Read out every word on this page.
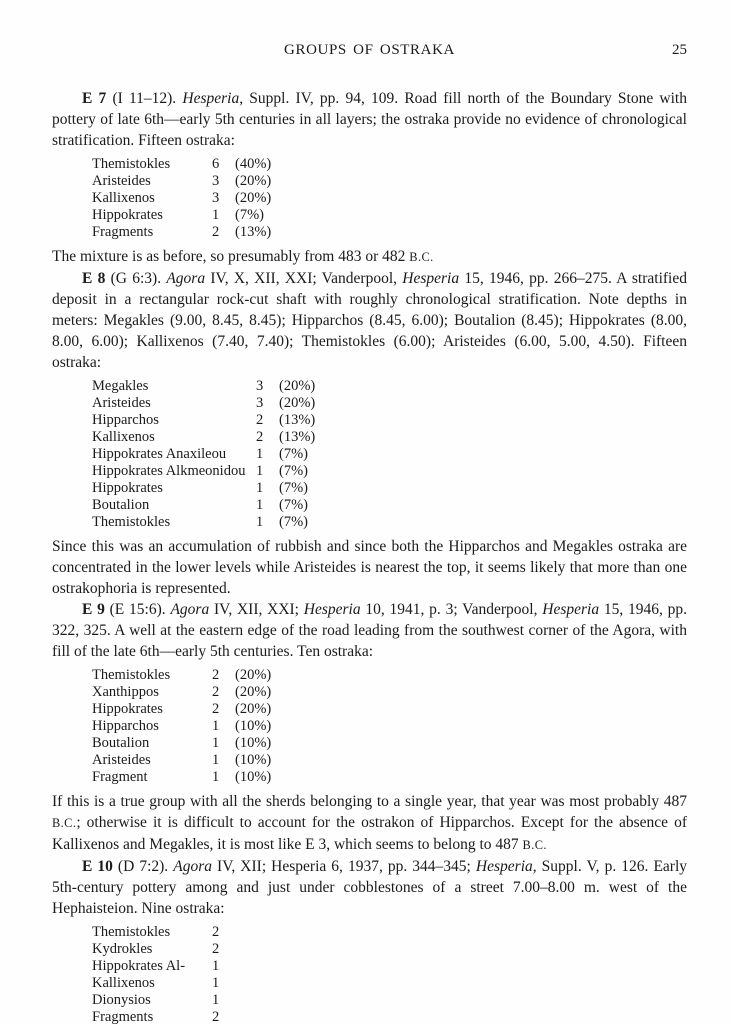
GROUPS OF OSTRAKA	25

E 7 (I 11–12). Hesperia, Suppl. IV, pp. 94, 109. Road fill north of the Boundary Stone with pottery of late 6th—early 5th centuries in all layers; the ostraka provide no evidence of chronological stratification. Fifteen ostraka:

Themistokles	6	(40%)
Aristeides	3	(20%)
Kallixenos	3	(20%)
Hippokrates	1	(7%)
Fragments	2	(13%)

The mixture is as before, so presumably from 483 or 482 B.C.

E 8 (G 6:3). Agora IV, X, XII, XXI; Vanderpool, Hesperia 15, 1946, pp. 266–275. A stratified deposit in a rectangular rock-cut shaft with roughly chronological stratification. Note depths in meters: Megakles (9.00, 8.45, 8.45); Hipparchos (8.45, 6.00); Boutalion (8.45); Hippokrates (8.00, 8.00, 6.00); Kallixenos (7.40, 7.40); Themistokles (6.00); Aristeides (6.00, 5.00, 4.50). Fifteen ostraka:

Megakles	3	(20%)
Aristeides	3	(20%)
Hipparchos	2	(13%)
Kallixenos	2	(13%)
Hippokrates Anaxileou	1	(7%)
Hippokrates Alkmeonidou 1	(7%)
Hippokrates	1	(7%)
Boutalion	1	(7%)
Themistokles	1	(7%)

Since this was an accumulation of rubbish and since both the Hipparchos and Megakles ostraka are concentrated in the lower levels while Aristeides is nearest the top, it seems likely that more than one ostrakophoria is represented.

E 9 (E 15:6). Agora IV, XII, XXI; Hesperia 10, 1941, p. 3; Vanderpool, Hesperia 15, 1946, pp. 322, 325. A well at the eastern edge of the road leading from the southwest corner of the Agora, with fill of the late 6th—early 5th centuries. Ten ostraka:

Themistokles	2	(20%)
Xanthippos	2	(20%)
Hippokrates	2	(20%)
Hipparchos	1	(10%)
Boutalion	1	(10%)
Aristeides	1	(10%)
Fragment	1	(10%)

If this is a true group with all the sherds belonging to a single year, that year was most probably 487 B.C.; otherwise it is difficult to account for the ostrakon of Hipparchos. Except for the absence of Kallixenos and Megakles, it is most like E 3, which seems to belong to 487 B.C.

E 10 (D 7:2). Agora IV, XII; Hesperia 6, 1937, pp. 344–345; Hesperia, Suppl. V, p. 126. Early 5th-century pottery among and just under cobblestones of a street 7.00–8.00 m. west of the Hephaisteion. Nine ostraka:

Themistokles	2
Kydrokles	2
Hippokrates Al-	1
Kallixenos	1
Dionysios	1
Fragments	2
